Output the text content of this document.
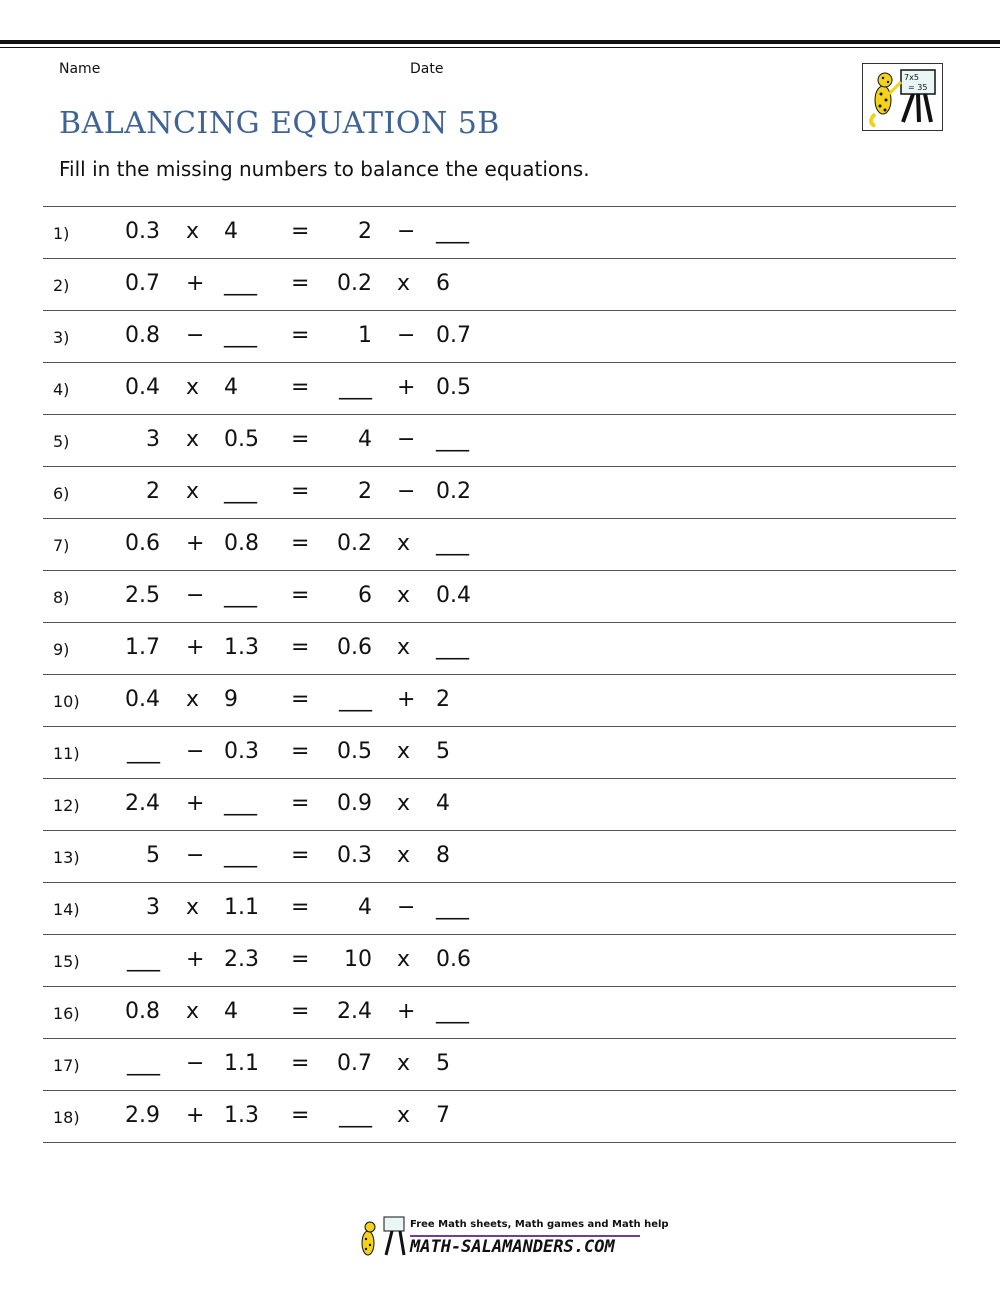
Name	Date
BALANCING EQUATION 5B
Fill in the missing numbers to balance the equations.
7x5
= 35
1)	0.3 x 4 = 2 − ___
2)	0.7 + ___ = 0.2 x 6
3)	0.8 − ___ = 1 − 0.7
4)	0.4 x 4 = ___ + 0.5
5)	3 x 0.5 = 4 − ___
6)	2 x ___ = 2 − 0.2
7)	0.6 + 0.8 = 0.2 x ___
8)	2.5 − ___ = 6 x 0.4
9)	1.7 + 1.3 = 0.6 x ___
10) 0.4 x 9 = ___ + 2
11) ___ − 0.3 = 0.5 x 5
12) 2.4 + ___ = 0.9 x 4
13)	5 − ___ = 0.3 x 8
14)	3 x 1.1 = 4 − ___
15) ___ + 2.3 = 10 x 0.6
16) 0.8 x 4 = 2.4 + ___
17) ___ − 1.1 = 0.7 x 5
18) 2.9 + 1.3 = ___ x 7
Free Math sheets, Math games and Math help
MATH-SALAMANDERS.COM
